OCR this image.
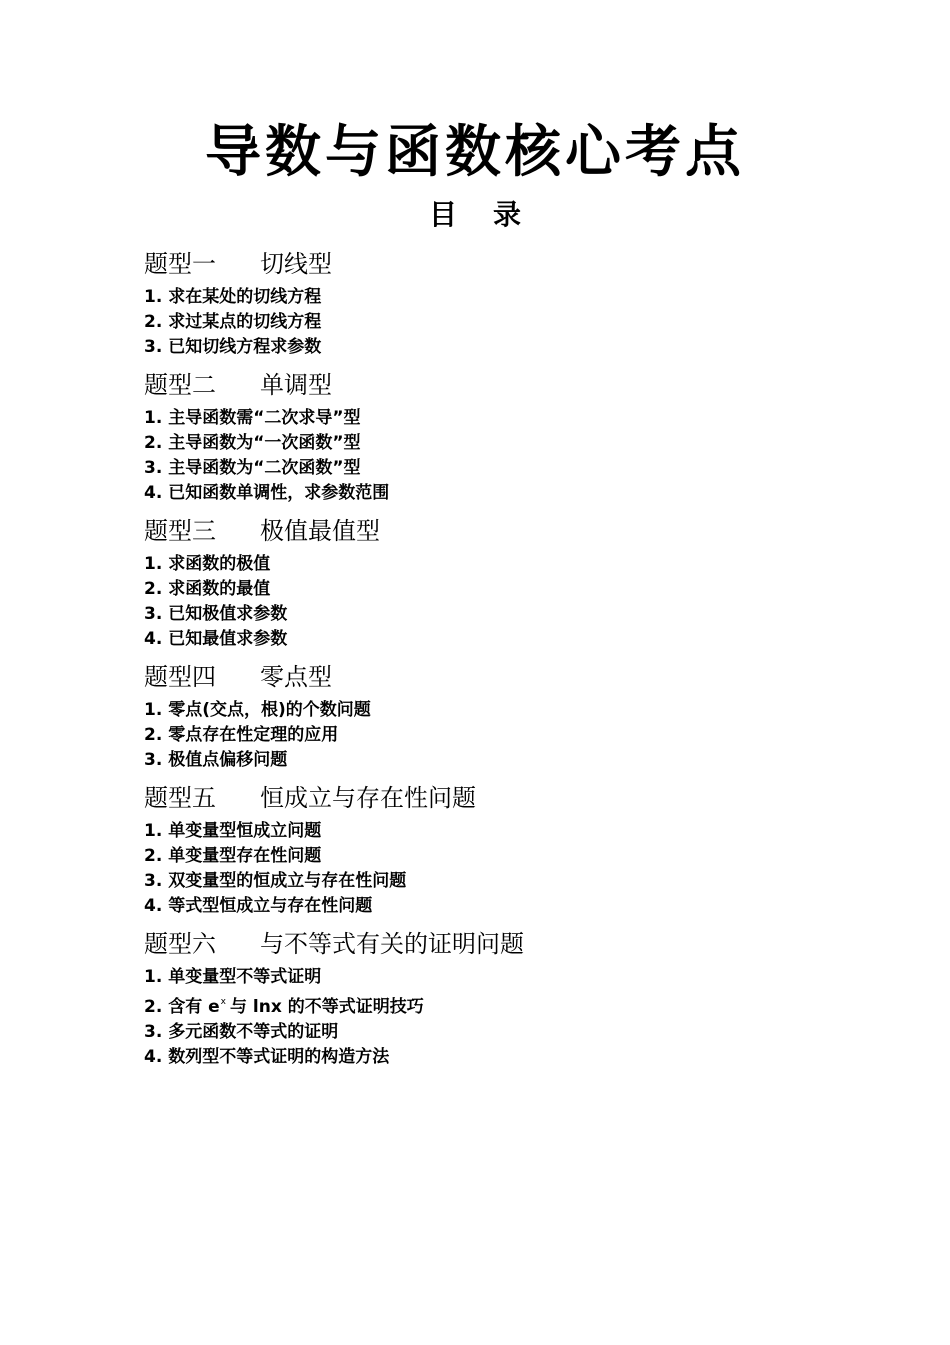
导数与函数核心考点
目 录
题型一 切线型
1. 求在某处的切线方程
2. 求过某点的切线方程
3. 已知切线方程求参数
题型二 单调型
1. 主导函数需“二次求导”型
2. 主导函数为“一次函数”型
3. 主导函数为“二次函数”型
4. 已知函数单调性，求参数范围
题型三 极值最值型
1. 求函数的极值
2. 求函数的最值
3. 已知极值求参数
4. 已知最值求参数
题型四 零点型
1. 零点(交点，根)的个数问题
2. 零点存在性定理的应用
3. 极值点偏移问题
题型五 恒成立与存在性问题
1. 单变量型恒成立问题
2. 单变量型存在性问题
3. 双变量型的恒成立与存在性问题
4. 等式型恒成立与存在性问题
题型六 与不等式有关的证明问题
1. 单变量型不等式证明
2. 含有 $e^x$ 与 lnx 的不等式证明技巧
3. 多元函数不等式的证明
4. 数列型不等式证明的构造方法
